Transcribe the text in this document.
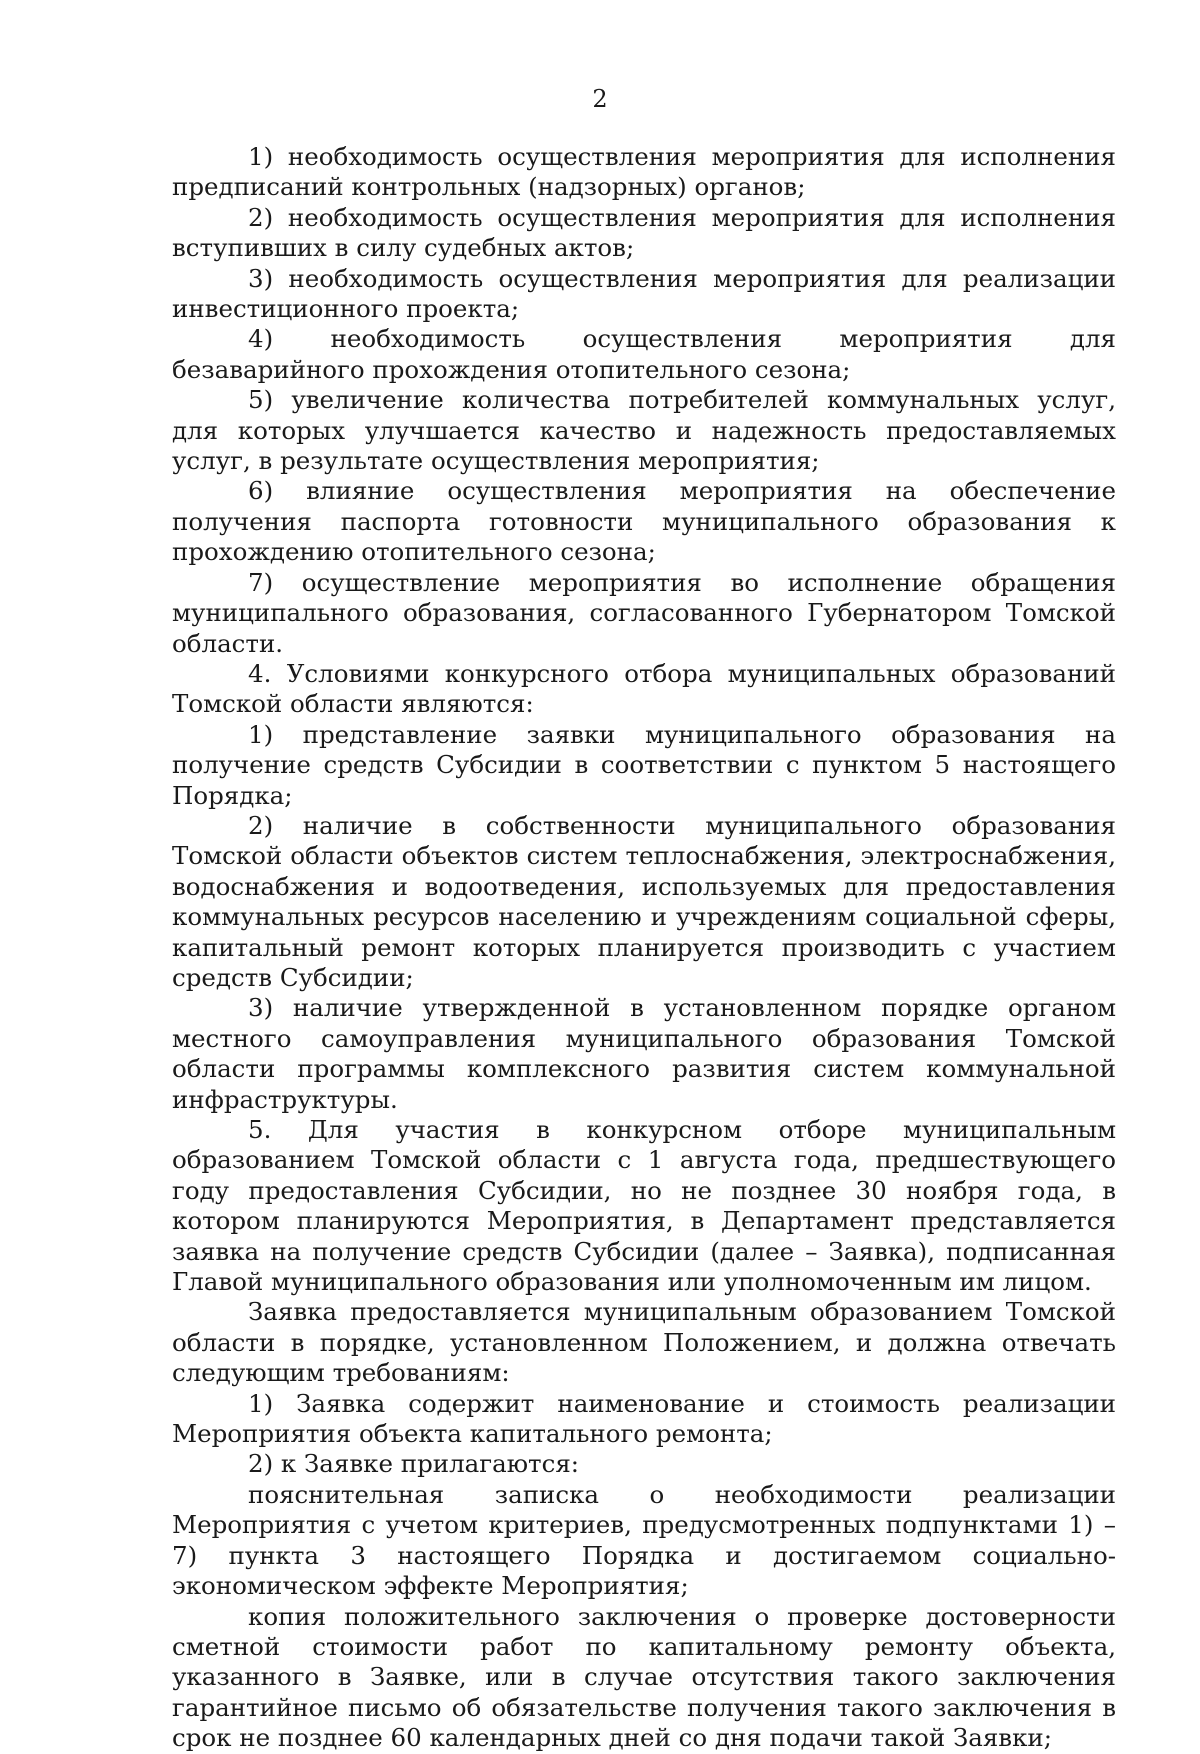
2

1) необходимость осуществления мероприятия для исполнения предписаний контрольных (надзорных) органов;

2) необходимость осуществления мероприятия для исполнения вступивших в силу судебных актов;

3) необходимость осуществления мероприятия для реализации инвестиционного проекта;

4) необходимость осуществления мероприятия для безаварийного прохождения отопительного сезона;

5) увеличение количества потребителей коммунальных услуг, для которых улучшается качество и надежность предоставляемых услуг, в результате осуществления мероприятия;

6) влияние осуществления мероприятия на обеспечение получения паспорта готовности муниципального образования к прохождению отопительного сезона;

7) осуществление мероприятия во исполнение обращения муниципального образования, согласованного Губернатором Томской области.

4. Условиями конкурсного отбора муниципальных образований Томской области являются:

1) представление заявки муниципального образования на получение средств Субсидии в соответствии с пунктом 5 настоящего Порядка;

2) наличие в собственности муниципального образования Томской области объектов систем теплоснабжения, электроснабжения, водоснабжения и водоотведения, используемых для предоставления коммунальных ресурсов населению и учреждениям социальной сферы, капитальный ремонт которых планируется производить с участием средств Субсидии;

3) наличие утвержденной в установленном порядке органом местного самоуправления муниципального образования Томской области программы комплексного развития систем коммунальной инфраструктуры.

5. Для участия в конкурсном отборе муниципальным образованием Томской области с 1 августа года, предшествующего году предоставления Субсидии, но не позднее 30 ноября года, в котором планируются Мероприятия, в Департамент представляется заявка на получение средств Субсидии (далее – Заявка), подписанная Главой муниципального образования или уполномоченным им лицом.

Заявка предоставляется муниципальным образованием Томской области в порядке, установленном Положением, и должна отвечать следующим требованиям:

1) Заявка содержит наименование и стоимость реализации Мероприятия объекта капитального ремонта;

2) к Заявке прилагаются:

пояснительная записка о необходимости реализации Мероприятия с учетом критериев, предусмотренных подпунктами 1) – 7) пункта 3 настоящего Порядка и достигаемом социально-экономическом эффекте Мероприятия;

копия положительного заключения о проверке достоверности сметной стоимости работ по капитальному ремонту объекта, указанного в Заявке, или в случае отсутствия такого заключения гарантийное письмо об обязательстве получения такого заключения в срок не позднее 60 календарных дней со дня подачи такой Заявки;
